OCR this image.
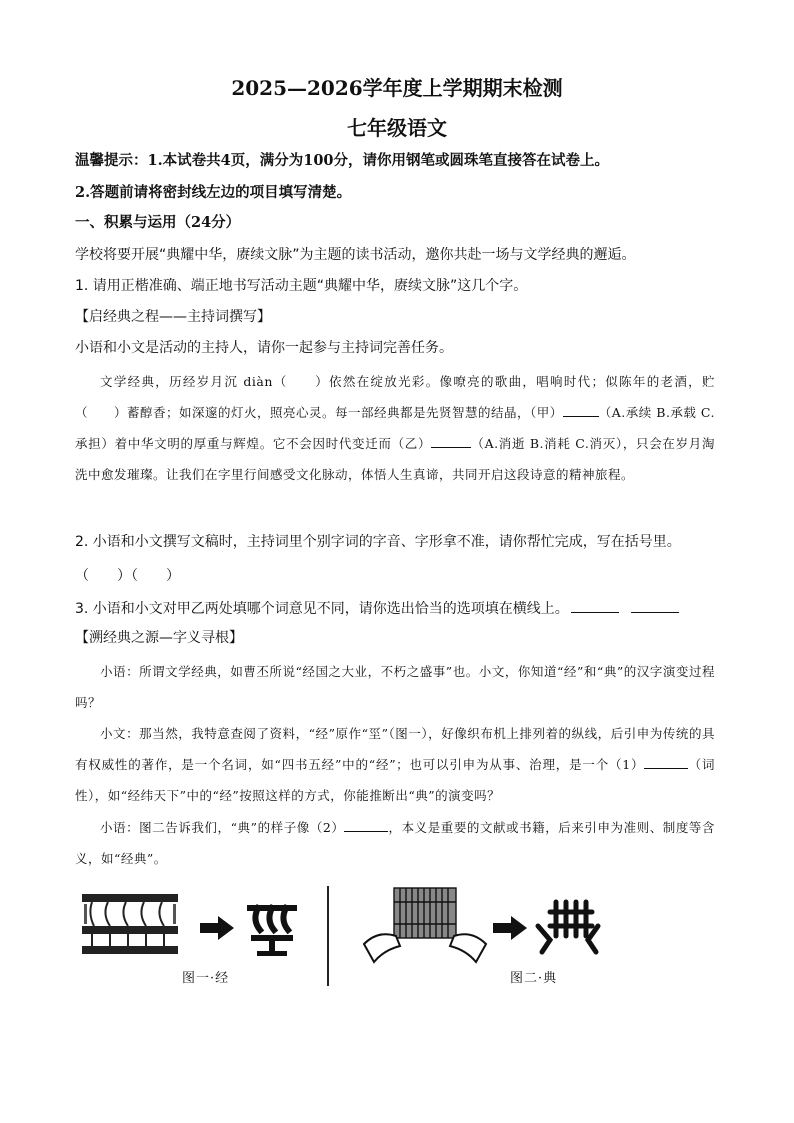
2025—2026学年度上学期期末检测
七年级语文
温馨提示：1.本试卷共4页，满分为100分，请你用钢笔或圆珠笔直接答在试卷上。
2.答题前请将密封线左边的项目填写清楚。
一、积累与运用（24分）
学校将要开展“典耀中华，赓续文脉”为主题的读书活动，邀你共赴一场与文学经典的邂逅。
1. 请用正楷准确、端正地书写活动主题“典耀中华，赓续文脉”这几个字。
【启经典之程——主持词撰写】
小语和小文是活动的主持人，请你一起参与主持词完善任务。
文学经典，历经岁月沉 diàn（　　）依然在绽放光彩。像嘹亮的歌曲，唱响时代；似陈年的老酒，贮（　　）蓄醇香；如深邃的灯火，照亮心灵。每一部经典都是先贤智慧的结晶，（甲）	（A.承续 B.承载 C.承担）着中华文明的厚重与辉煌。它不会因时代变迁而（乙）	（A.消逝 B.消耗 C.消灭），只会在岁月淘洗中愈发璀璨。让我们在字里行间感受文化脉动，体悟人生真谛，共同开启这段诗意的精神旅程。
2. 小语和小文撰写文稿时，主持词里个别字词的字音、字形拿不准，请你帮忙完成，写在括号里。
（　　）（　　）
3. 小语和小文对甲乙两处填哪个词意见不同，请你选出恰当的选项填在横线上。
【溯经典之源—字义寻根】
小语：所谓文学经典，如曹丕所说“经国之大业，不朽之盛事”也。小文，你知道“经”和“典”的汉字演变过程吗？
小文：那当然，我特意查阅了资料，“经”原作“坙”（图一），好像织布机上排列着的纵线，后引申为传统的具有权威性的著作，是一个名词，如“四书五经”中的“经”；也可以引申为从事、治理，是一个（1）	（词性），如“经纬天下”中的“经”按照这样的方式，你能推断出“典”的演变吗？
小语：图二告诉我们，“典”的样子像（2）	，本义是重要的文献或书籍，后来引申为准则、制度等含义，如“经典”。
图一·经	图二·典
